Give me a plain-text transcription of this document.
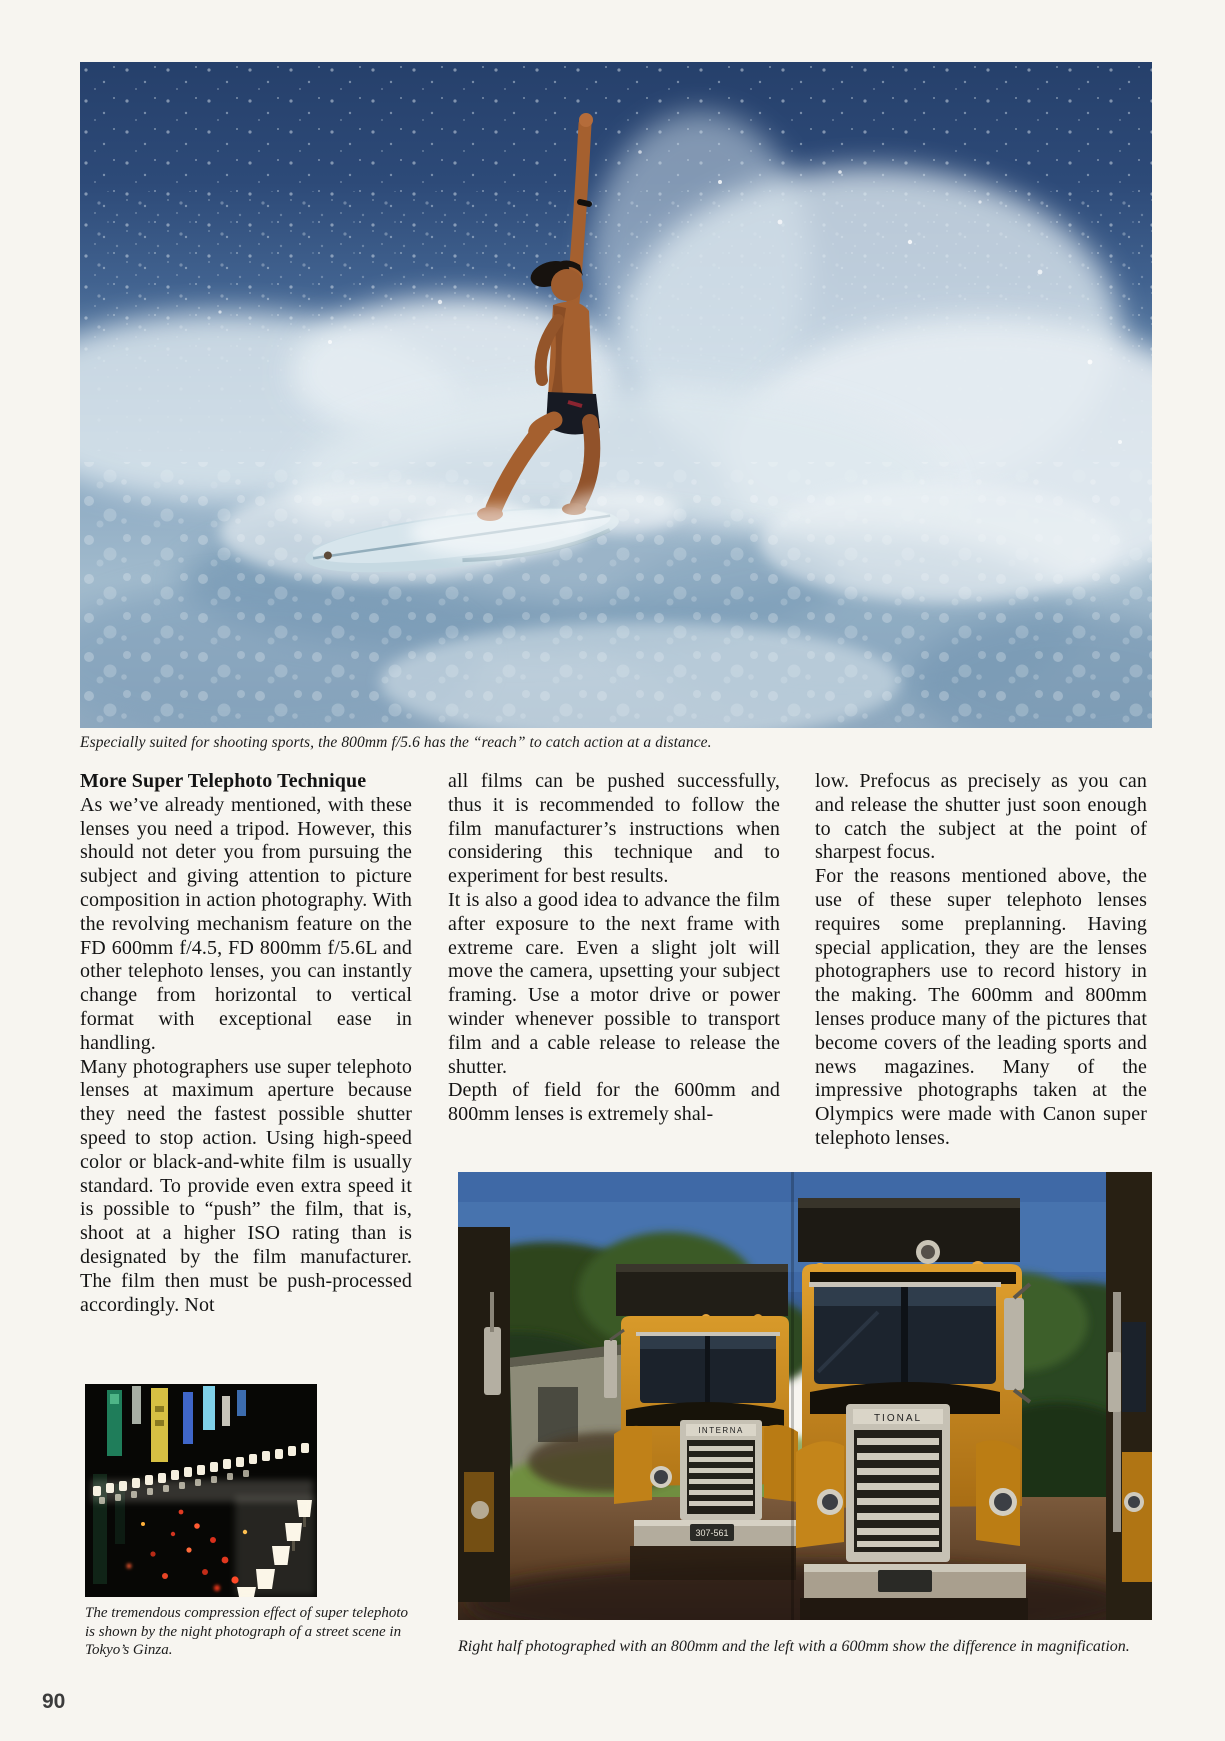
Especially suited for shooting sports, the 800mm f/5.6 has the “reach” to catch action at a distance.

More Super Telephoto Technique

As we’ve already mentioned, with these lenses you need a tripod. However, this should not deter you from pursuing the subject and giving attention to picture composition in action photography. With the revolving mechanism feature on the FD 600mm f/4.5, FD 800mm f/5.6L and other telephoto lenses, you can instantly change from horizontal to vertical format with exceptional ease in handling.

Many photographers use super telephoto lenses at maximum aperture because they need the fastest possible shutter speed to stop action. Using high-speed color or black-and-white film is usually standard. To provide even extra speed it is possible to “push” the film, that is, shoot at a higher ISO rating than is designated by the film manufacturer. The film then must be push-processed accordingly. Not

all films can be pushed successfully, thus it is recommended to follow the film manufacturer’s instructions when considering this technique and to experiment for best results.

It is also a good idea to advance the film after exposure to the next frame with extreme care. Even a slight jolt will move the camera, upsetting your subject framing. Use a motor drive or power winder whenever possible to transport film and a cable release to release the shutter.

Depth of field for the 600mm and 800mm lenses is extremely shal-

low. Prefocus as precisely as you can and release the shutter just soon enough to catch the subject at the point of sharpest focus.

For the reasons mentioned above, the use of these super telephoto lenses requires some preplanning. Having special application, they are the lenses photographers use to record history in the making. The 600mm and 800mm lenses produce many of the pictures that become covers of the leading sports and news magazines. Many of the impressive photographs taken at the Olympics were made with Canon super telephoto lenses.

The tremendous compression effect of super telephoto is shown by the night photograph of a street scene in Tokyo’s Ginza.
INTERNA
307-561
TIONAL
Right half photographed with an 800mm and the left with a 600mm show the difference in magnification.
90
